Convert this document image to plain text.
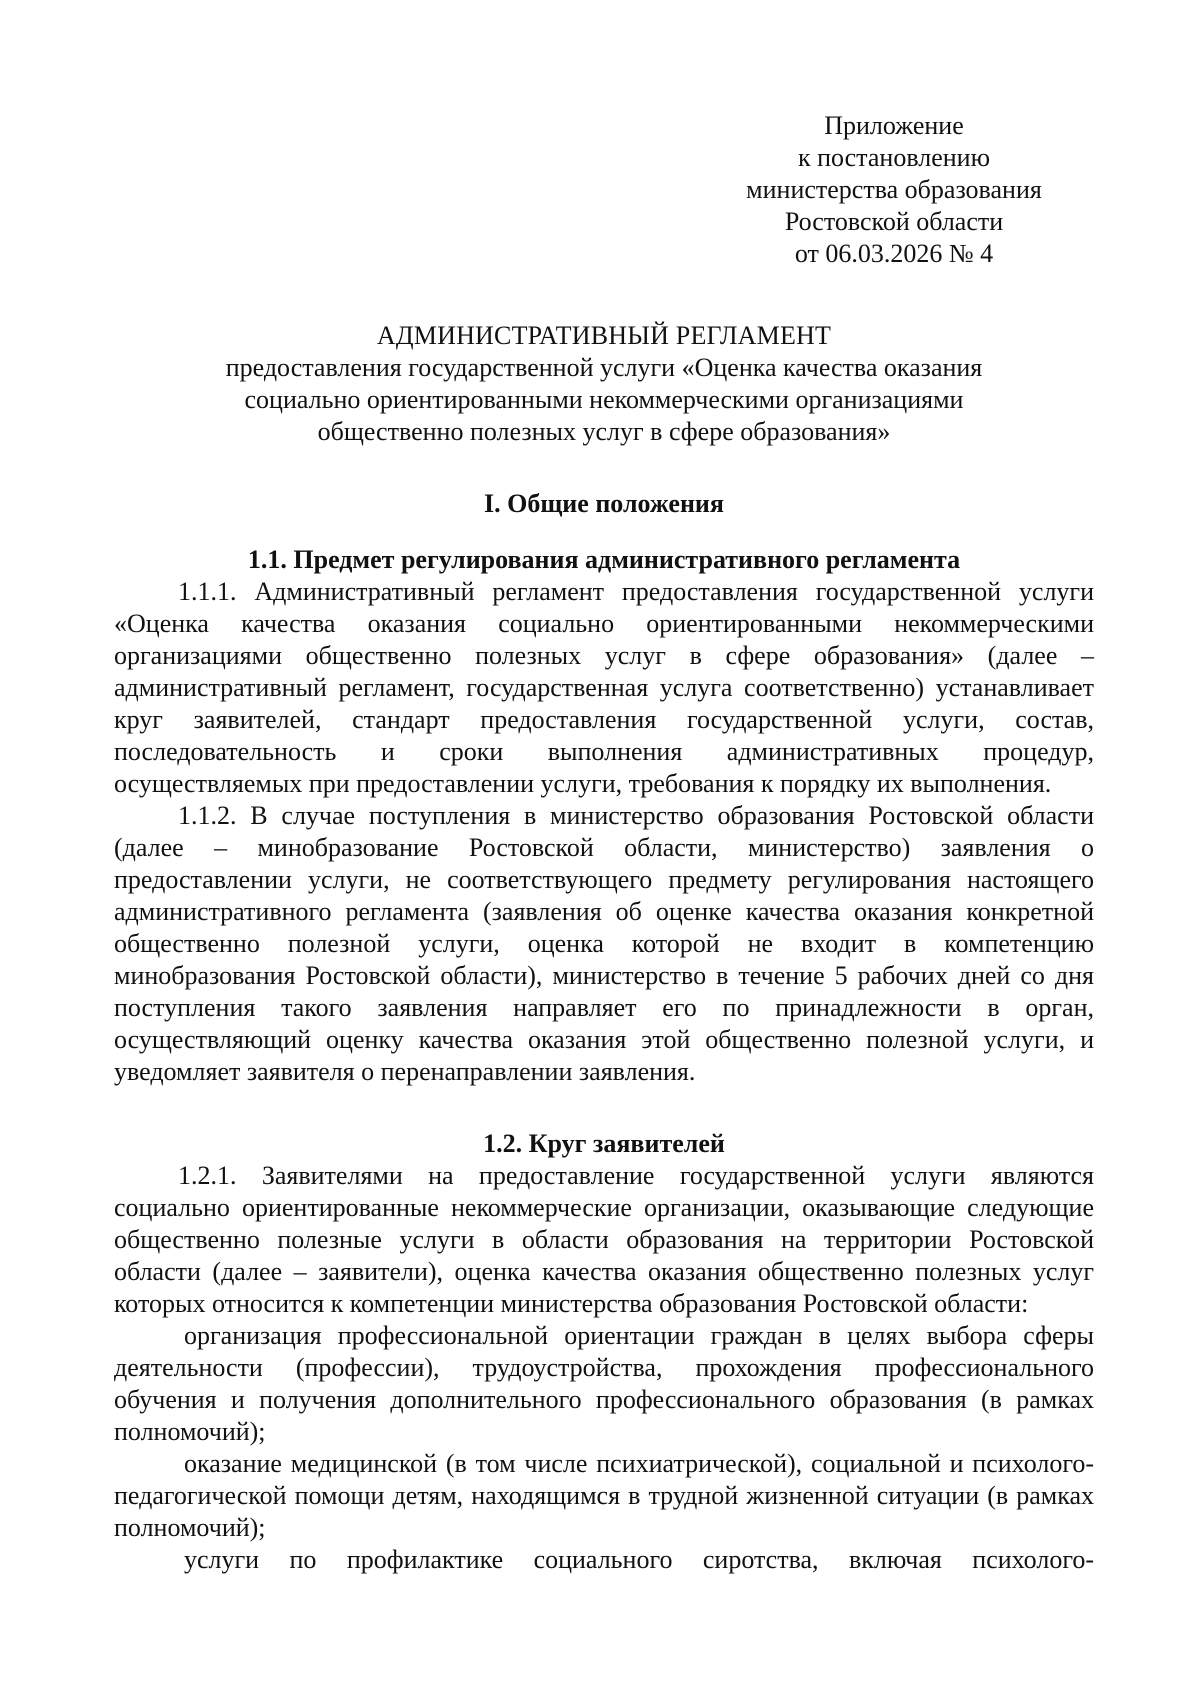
Приложение
к постановлению
министерства образования
Ростовской области
от 06.03.2026 № 4
АДМИНИСТРАТИВНЫЙ РЕГЛАМЕНТ
предоставления государственной услуги «Оценка качества оказания
социально ориентированными некоммерческими организациями
общественно полезных услуг в сфере образования»
I. Общие положения
1.1. Предмет регулирования административного регламента

1.1.1. Административный регламент предоставления государственной услуги «Оценка качества оказания социально ориентированными некоммерческими организациями общественно полезных услуг в сфере образования» (далее – административный регламент, государственная услуга соответственно) устанавливает круг заявителей, стандарт предоставления государственной услуги, состав, последовательность и сроки выполнения административных процедур, осуществляемых при предоставлении услуги, требования к порядку их выполнения.

1.1.2. В случае поступления в министерство образования Ростовской области (далее – минобразование Ростовской области, министерство) заявления о предоставлении услуги, не соответствующего предмету регулирования настоящего административного регламента (заявления об оценке качества оказания конкретной общественно полезной услуги, оценка которой не входит в компетенцию минобразования Ростовской области), министерство в течение 5 рабочих дней со дня поступления такого заявления направляет его по принадлежности в орган, осуществляющий оценку качества оказания этой общественно полезной услуги, и уведомляет заявителя о перенаправлении заявления.

1.2. Круг заявителей

1.2.1. Заявителями на предоставление государственной услуги являются социально ориентированные некоммерческие организации, оказывающие следующие общественно полезные услуги в области образования на территории Ростовской области (далее – заявители), оценка качества оказания общественно полезных услуг которых относится к компетенции министерства образования Ростовской области:

организация профессиональной ориентации граждан в целях выбора сферы деятельности (профессии), трудоустройства, прохождения профессионального обучения и получения дополнительного профессионального образования (в рамках полномочий);

оказание медицинской (в том числе психиатрической), социальной и психолого-педагогической помощи детям, находящимся в трудной жизненной ситуации (в рамках полномочий);

услуги по профилактике социального сиротства, включая психолого-
